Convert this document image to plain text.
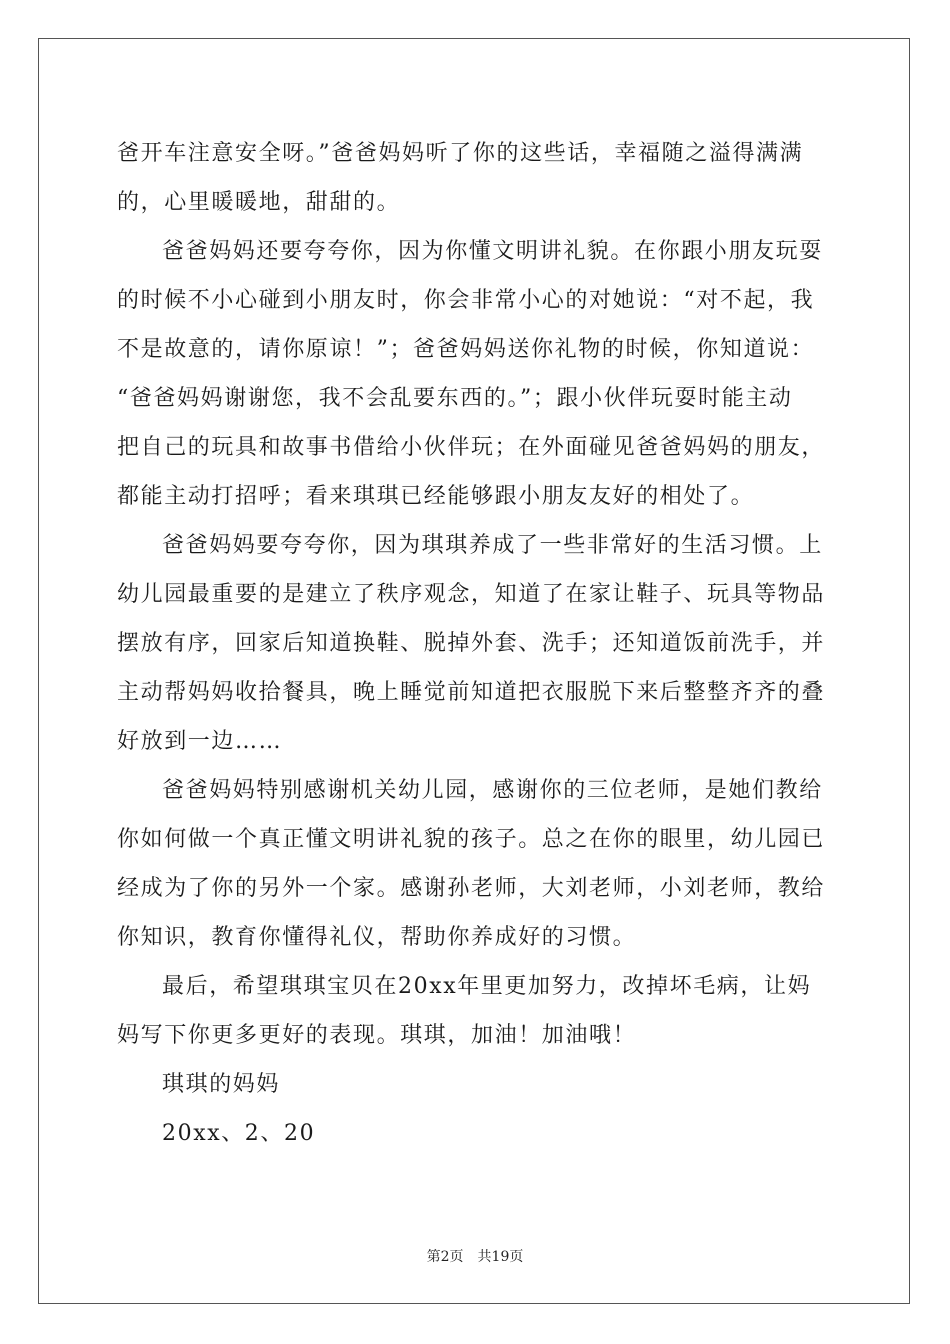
爸开车注意安全呀。”爸爸妈妈听了你的这些话，幸福随之溢得满满
的，心里暖暖地，甜甜的。
爸爸妈妈还要夸夸你，因为你懂文明讲礼貌。在你跟小朋友玩耍
的时候不小心碰到小朋友时，你会非常小心的对她说：“对不起，我
不是故意的，请你原谅！”；爸爸妈妈送你礼物的时候，你知道说：
“爸爸妈妈谢谢您，我不会乱要东西的。”；跟小伙伴玩耍时能主动
把自己的玩具和故事书借给小伙伴玩；在外面碰见爸爸妈妈的朋友，
都能主动打招呼；看来琪琪已经能够跟小朋友友好的相处了。
爸爸妈妈要夸夸你，因为琪琪养成了一些非常好的生活习惯。上
幼儿园最重要的是建立了秩序观念，知道了在家让鞋子、玩具等物品
摆放有序，回家后知道换鞋、脱掉外套、洗手；还知道饭前洗手，并
主动帮妈妈收拾餐具，晚上睡觉前知道把衣服脱下来后整整齐齐的叠
好放到一边……
爸爸妈妈特别感谢机关幼儿园，感谢你的三位老师，是她们教给
你如何做一个真正懂文明讲礼貌的孩子。总之在你的眼里，幼儿园已
经成为了你的另外一个家。感谢孙老师，大刘老师，小刘老师，教给
你知识，教育你懂得礼仪，帮助你养成好的习惯。
最后，希望琪琪宝贝在20xx年里更加努力，改掉坏毛病，让妈
妈写下你更多更好的表现。琪琪，加油！加油哦！
琪琪的妈妈
20xx、2、20
第2页 共19页
